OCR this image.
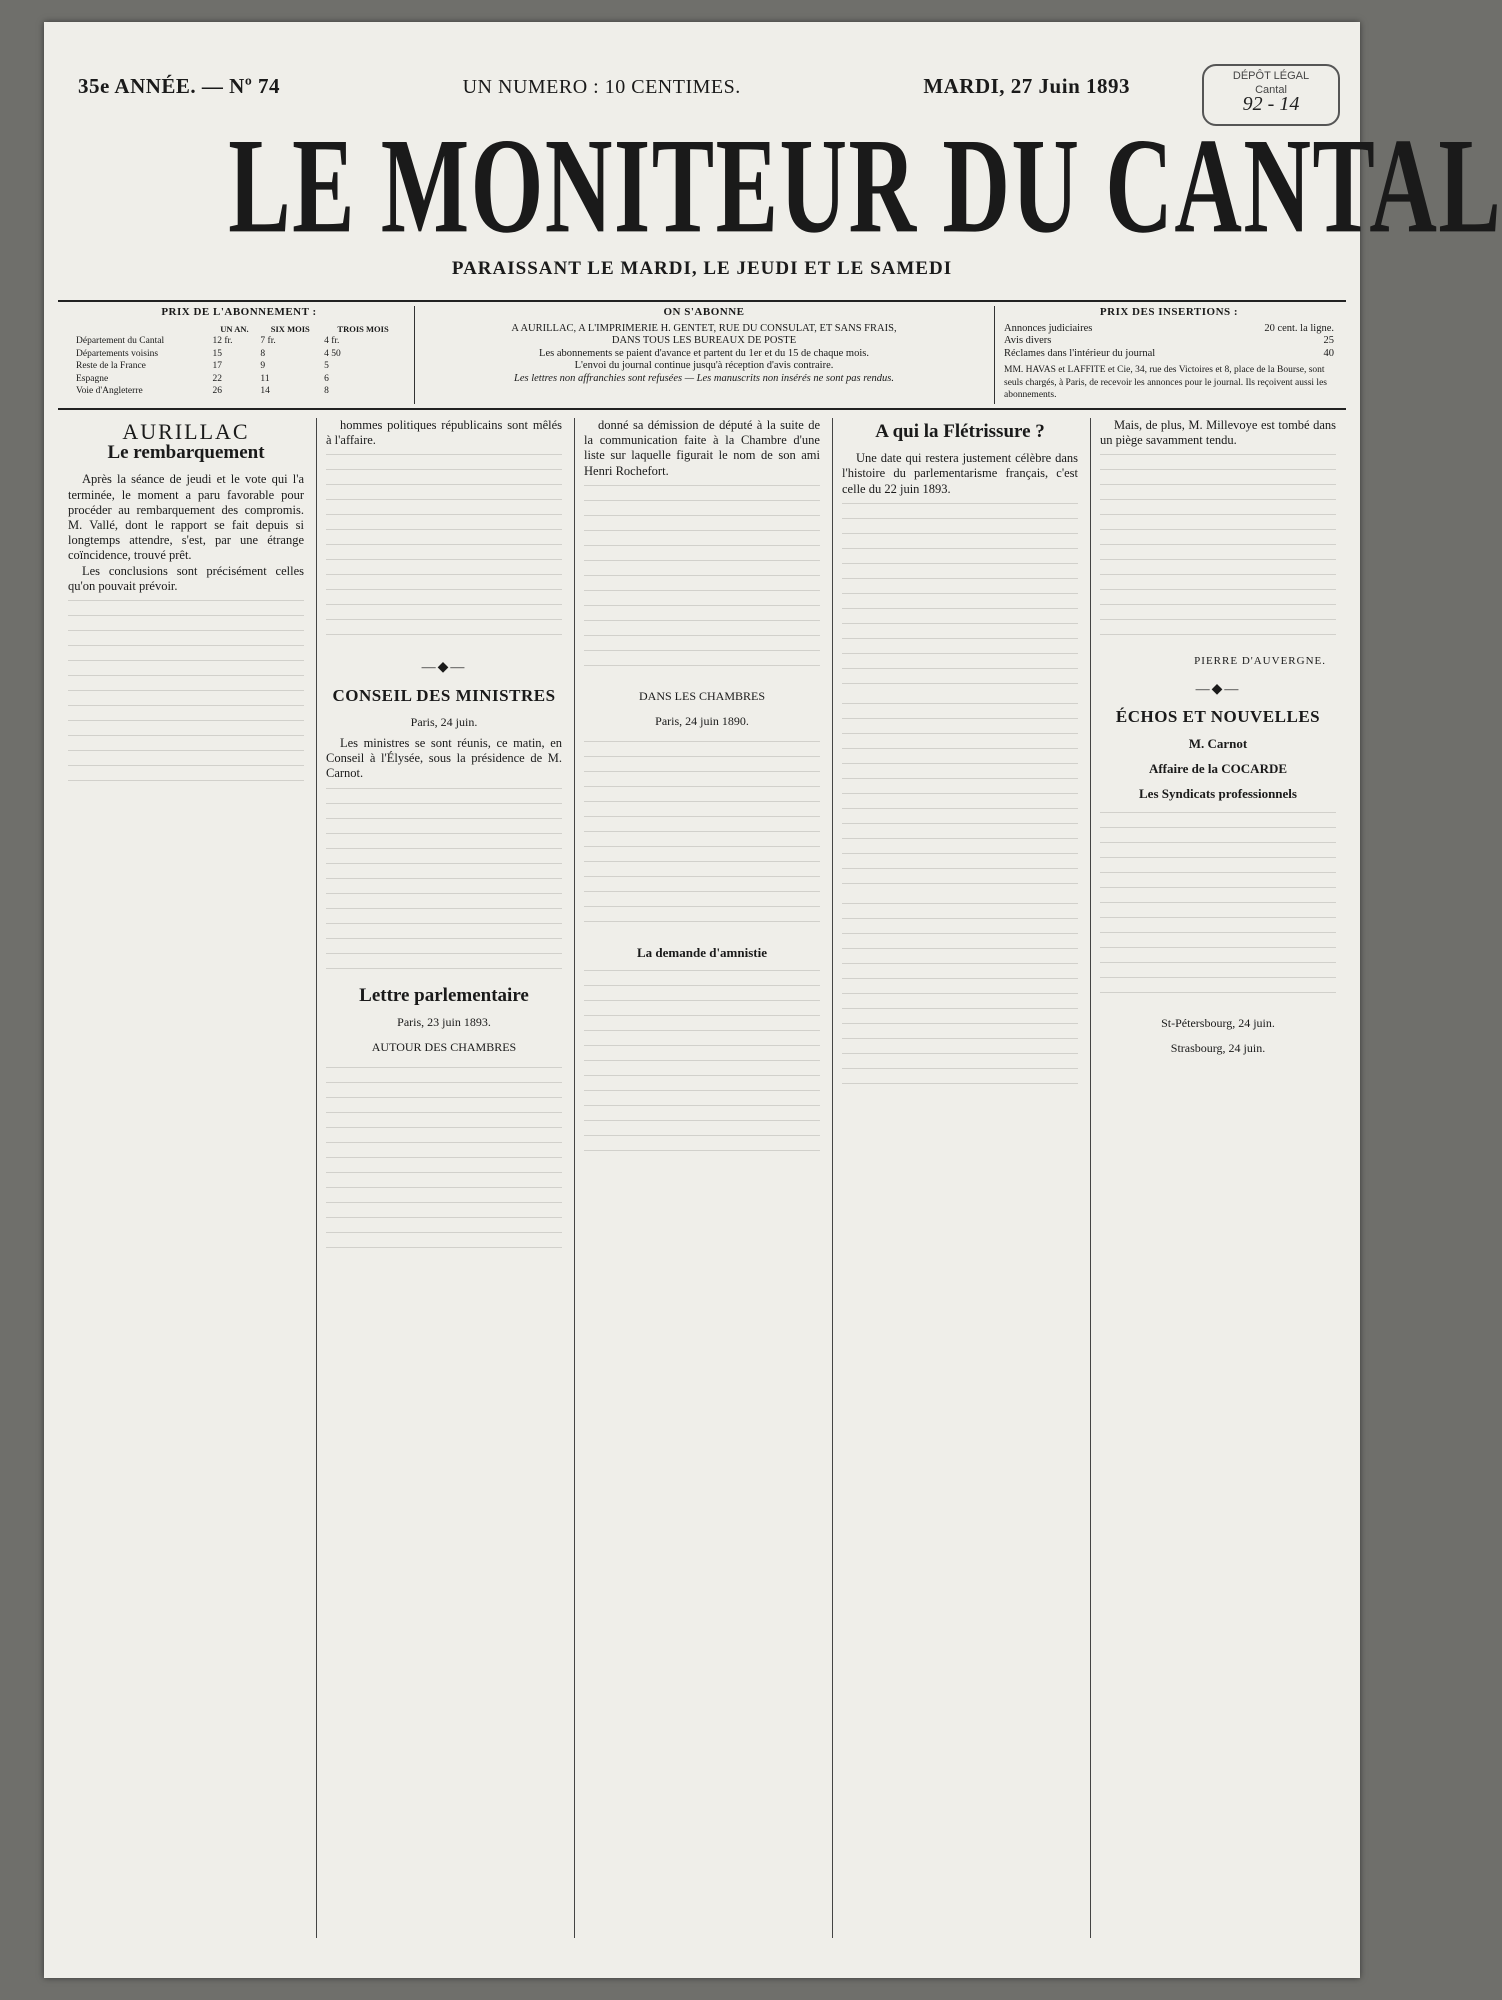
35e ANNÉE. — Nº 74	UN NUMERO : 10 CENTIMES.	MARDI, 27 Juin 1893	DÉPÔT LÉGAL
Cantal
92 - 14
LE MONITEUR DU CANTAL
PARAISSANT LE MARDI, LE JEUDI ET LE SAMEDI
PRIX DE L'ABONNEMENT :
	UN AN.	SIX MOIS	TROIS MOIS
Département du Cantal	12 fr.	7 fr.	4 fr.
Départements voisins	15	8	4 50
Reste de la France	17	9	5
Espagne	22	11	6
Voie d'Angleterre	26	14	8
ON S'ABONNE
A AURILLAC, A L'IMPRIMERIE H. GENTET, RUE DU CONSULAT, ET SANS FRAIS,
DANS TOUS LES BUREAUX DE POSTE
Les abonnements se paient d'avance et partent du 1er et du 15 de chaque mois.
L'envoi du journal continue jusqu'à réception d'avis contraire.
Les lettres non affranchies sont refusées — Les manuscrits non insérés ne sont pas rendus.
PRIX DES INSERTIONS :
Annonces judiciaires	20 cent. la ligne.
Avis divers	25
Réclames dans l'intérieur du journal	40
MM. HAVAS et LAFFITE et Cie, 34, rue des Victoires et 8, place de la Bourse, sont seuls chargés, à Paris, de recevoir les annonces pour le journal. Ils reçoivent aussi les abonnements.
AURILLAC
Le rembarquement

Après la séance de jeudi et le vote qui l'a terminée, le moment a paru favorable pour procéder au rembarquement des compromis. M. Vallé, dont le rapport se fait depuis si longtemps attendre, s'est, par une étrange coïncidence, trouvé prêt.

Les conclusions sont précisément celles qu'on pouvait prévoir.

hommes politiques républicains sont mêlés à l'affaire.

—◆—
CONSEIL DES MINISTRES
Paris, 24 juin.

Les ministres se sont réunis, ce matin, en Conseil à l'Élysée, sous la présidence de M. Carnot.

Lettre parlementaire
Paris, 23 juin 1893.
AUTOUR DES CHAMBRES

donné sa démission de député à la suite de la communication faite à la Chambre d'une liste sur laquelle figurait le nom de son ami Henri Rochefort.

DANS LES CHAMBRES
Paris, 24 juin 1890.
La demande d'amnistie
A qui la Flétrissure ?

Une date qui restera justement célèbre dans l'histoire du parlementarisme français, c'est celle du 22 juin 1893.

Mais, de plus, M. Millevoye est tombé dans un piège savamment tendu.

PIERRE D'AUVERGNE.
—◆—
ÉCHOS ET NOUVELLES
M. Carnot
Affaire de la COCARDE
Les Syndicats professionnels
St-Pétersbourg, 24 juin.
Strasbourg, 24 juin.
